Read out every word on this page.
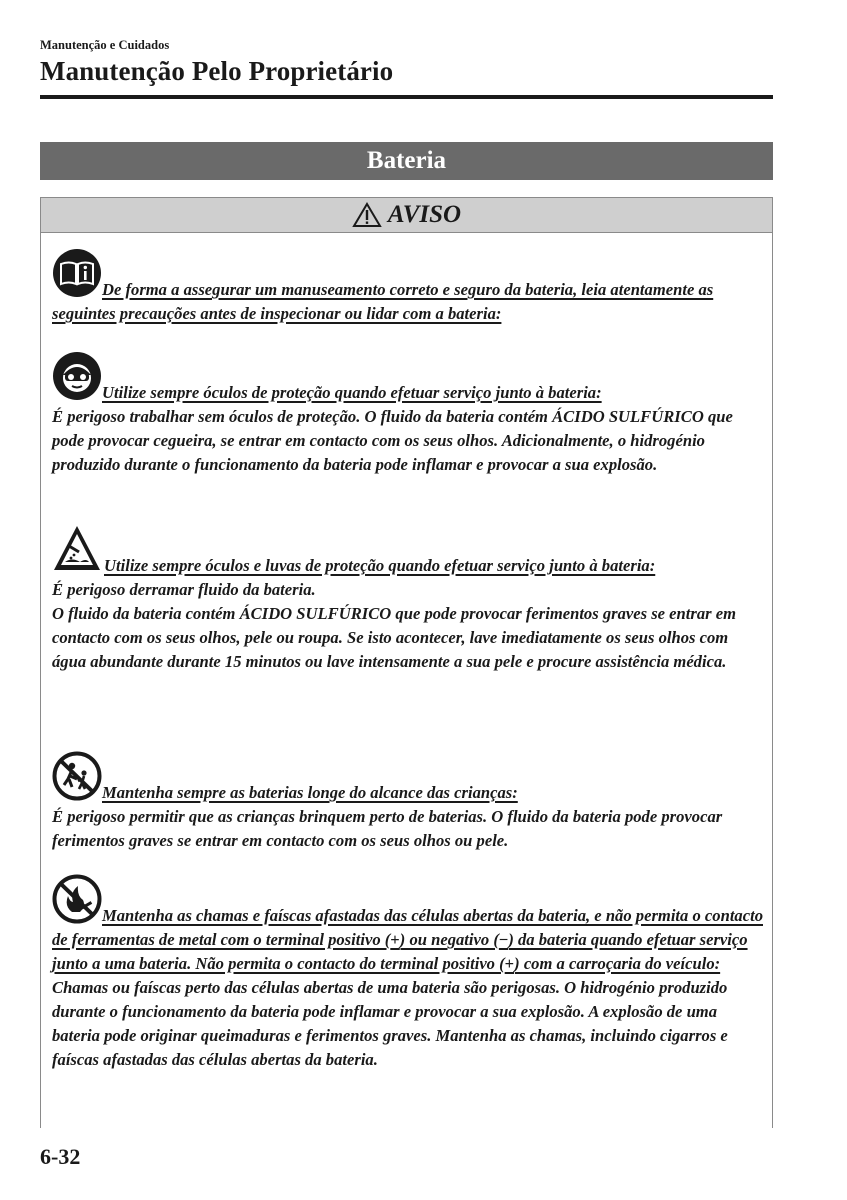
Manutenção e Cuidados
Manutenção Pelo Proprietário
Bateria
AVISO
De forma a assegurar um manuseamento correto e seguro da bateria, leia atentamente as seguintes precauções antes de inspecionar ou lidar com a bateria:
Utilize sempre óculos de proteção quando efetuar serviço junto à bateria:
É perigoso trabalhar sem óculos de proteção. O fluido da bateria contém ÁCIDO SULFÚRICO que pode provocar cegueira, se entrar em contacto com os seus olhos. Adicionalmente, o hidrogénio produzido durante o funcionamento da bateria pode inflamar e provocar a sua explosão.
Utilize sempre óculos e luvas de proteção quando efetuar serviço junto à bateria:
É perigoso derramar fluido da bateria.
O fluido da bateria contém ÁCIDO SULFÚRICO que pode provocar ferimentos graves se entrar em contacto com os seus olhos, pele ou roupa. Se isto acontecer, lave imediatamente os seus olhos com água abundante durante 15 minutos ou lave intensamente a sua pele e procure assistência médica.
Mantenha sempre as baterias longe do alcance das crianças:
É perigoso permitir que as crianças brinquem perto de baterias. O fluido da bateria pode provocar ferimentos graves se entrar em contacto com os seus olhos ou pele.
Mantenha as chamas e faíscas afastadas das células abertas da bateria, e não permita o contacto de ferramentas de metal com o terminal positivo (+) ou negativo (−) da bateria quando efetuar serviço junto a uma bateria. Não permita o contacto do terminal positivo (+) com a carroçaria do veículo:
Chamas ou faíscas perto das células abertas de uma bateria são perigosas. O hidrogénio produzido durante o funcionamento da bateria pode inflamar e provocar a sua explosão. A explosão de uma bateria pode originar queimaduras e ferimentos graves. Mantenha as chamas, incluindo cigarros e faíscas afastadas das células abertas da bateria.
6-32
